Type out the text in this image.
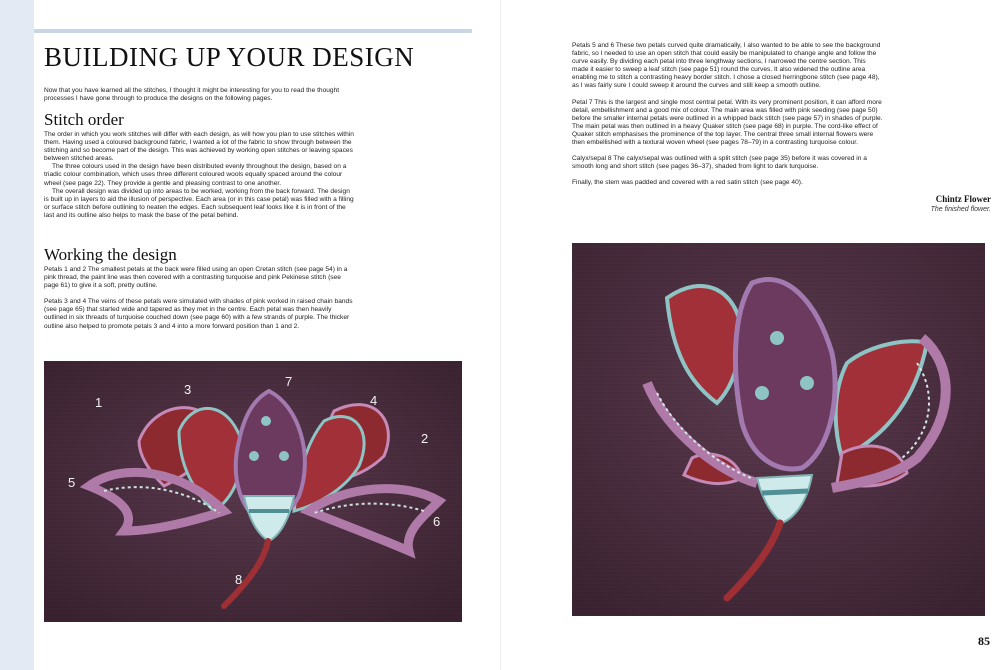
BUILDING UP YOUR DESIGN

Now that you have learned all the stitches, I thought it might be interesting for you to read the thought processes I have gone through to produce the designs on the following pages.

Stitch order

The order in which you work stitches will differ with each design, as will how you plan to use stitches within them. Having used a coloured background fabric, I wanted a lot of the fabric to show through between the stitching and so become part of the design. This was achieved by working open stitches or leaving spaces between stitched areas.

The three colours used in the design have been distributed evenly throughout the design, based on a triadic colour combination, which uses three different coloured wools equally spaced around the colour wheel (see page 22). They provide a gentle and pleasing contrast to one another.

The overall design was divided up into areas to be worked, working from the back forward. The design is built up in layers to aid the illusion of perspective. Each area (or in this case petal) was filled with a filling or surface stitch before outlining to neaten the edges. Each subsequent leaf looks like it is in front of the last and its outline also helps to mask the base of the petal behind.

Working the design

Petals 1 and 2 The smallest petals at the back were filled using an open Cretan stitch (see page 54) in a pink thread, the paint line was then covered with a contrasting turquoise and pink Pekinese stitch (see page 61) to give it a soft, pretty outline.

Petals 3 and 4 The veins of these petals were simulated with shades of pink worked in raised chain bands (see page 65) that started wide and tapered as they met in the centre. Each petal was then heavily outlined in six threads of turquoise couched down (see page 60) with a few strands of purple. The thicker outline also helped to promote petals 3 and 4 into a more forward position than 1 and 2.

1
2
3
4
5
6
7
8

Petals 5 and 6 These two petals curved quite dramatically, I also wanted to be able to see the background fabric, so I needed to use an open stitch that could easily be manipulated to change angle and follow the curve easily. By dividing each petal into three lengthway sections, I narrowed the centre section. This made it easier to sweep a leaf stitch (see page 51) round the curves. It also widened the outline area enabling me to stitch a contrasting heavy border stitch. I chose a closed herringbone stitch (see page 48), as I was fairly sure I could sweep it around the curves and still keep a smooth outline.

Petal 7 This is the largest and single most central petal. With its very prominent position, it can afford more detail, embellishment and a good mix of colour. The main area was filled with pink seeding (see page 50) before the smaller internal petals were outlined in a whipped back stitch (see page 57) in shades of purple. The main petal was then outlined in a heavy Quaker stitch (see page 68) in purple. The cord-like effect of Quaker stitch emphasises the prominence of the top layer. The central three small internal flowers were then embellished with a textural woven wheel (see pages 78–79) in a contrasting turquoise colour.

Calyx/sepal 8 The calyx/sepal was outlined with a split stitch (see page 35) before it was covered in a smooth long and short stitch (see pages 36–37), shaded from light to dark turquoise.

Finally, the stem was padded and covered with a red satin stitch (see page 40).

Chintz Flower
The finished flower.
85
